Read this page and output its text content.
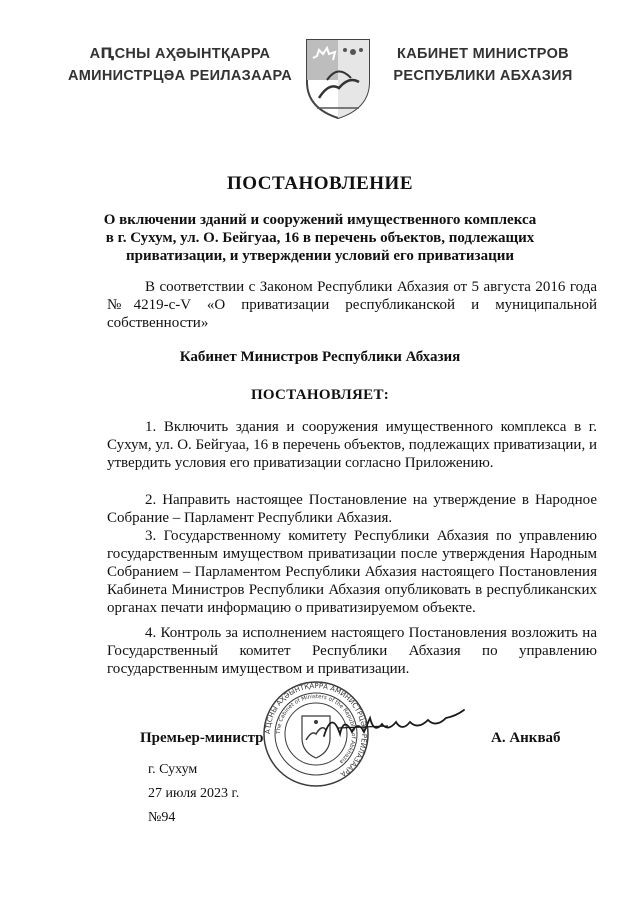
АԤСНЫ АҲӘЫНТҚАРРА
АМИНИСТРЦӘА РЕИЛАЗААРА
КАБИНЕТ МИНИСТРОВ
РЕСПУБЛИКИ АБХАЗИЯ
ПОСТАНОВЛЕНИЕ
О включении зданий и сооружений имущественного комплекса в г. Сухум, ул. О. Бейгуаа, 16 в перечень объектов, подлежащих приватизации, и утверждении условий его приватизации
В соответствии с Законом Республики Абхазия от 5 августа 2016 года №4219-с-V «О приватизации республиканской и муниципальной собственности»
Кабинет Министров Республики Абхазия
ПОСТАНОВЛЯЕТ:
1. Включить здания и сооружения имущественного комплекса в г. Сухум, ул. О. Бейгуаа, 16 в перечень объектов, подлежащих приватизации, и утвердить условия его приватизации согласно Приложению.
2. Направить настоящее Постановление на утверждение в Народное Собрание – Парламент Республики Абхазия.
3. Государственному комитету Республики Абхазия по управлению государственным имуществом приватизации после утверждения Народным Собранием – Парламентом Республики Абхазия настоящего Постановления Кабинета Министров Республики Абхазия опубликовать в республиканских органах печати информацию о приватизируемом объекте.
4. Контроль за исполнением настоящего Постановления возложить на Государственный комитет Республики Абхазия по управлению государственным имуществом и приватизации.
АҴСНЫ АҲӘЫНТҚАРРА АМИНИСТРЦӘА РЕИЛАЗААРА
The Cabinet of Ministers of the Republic of Abkhazia
Премьер-министр	А. Анкваб
г. Сухум
27 июля 2023 г.
№94
